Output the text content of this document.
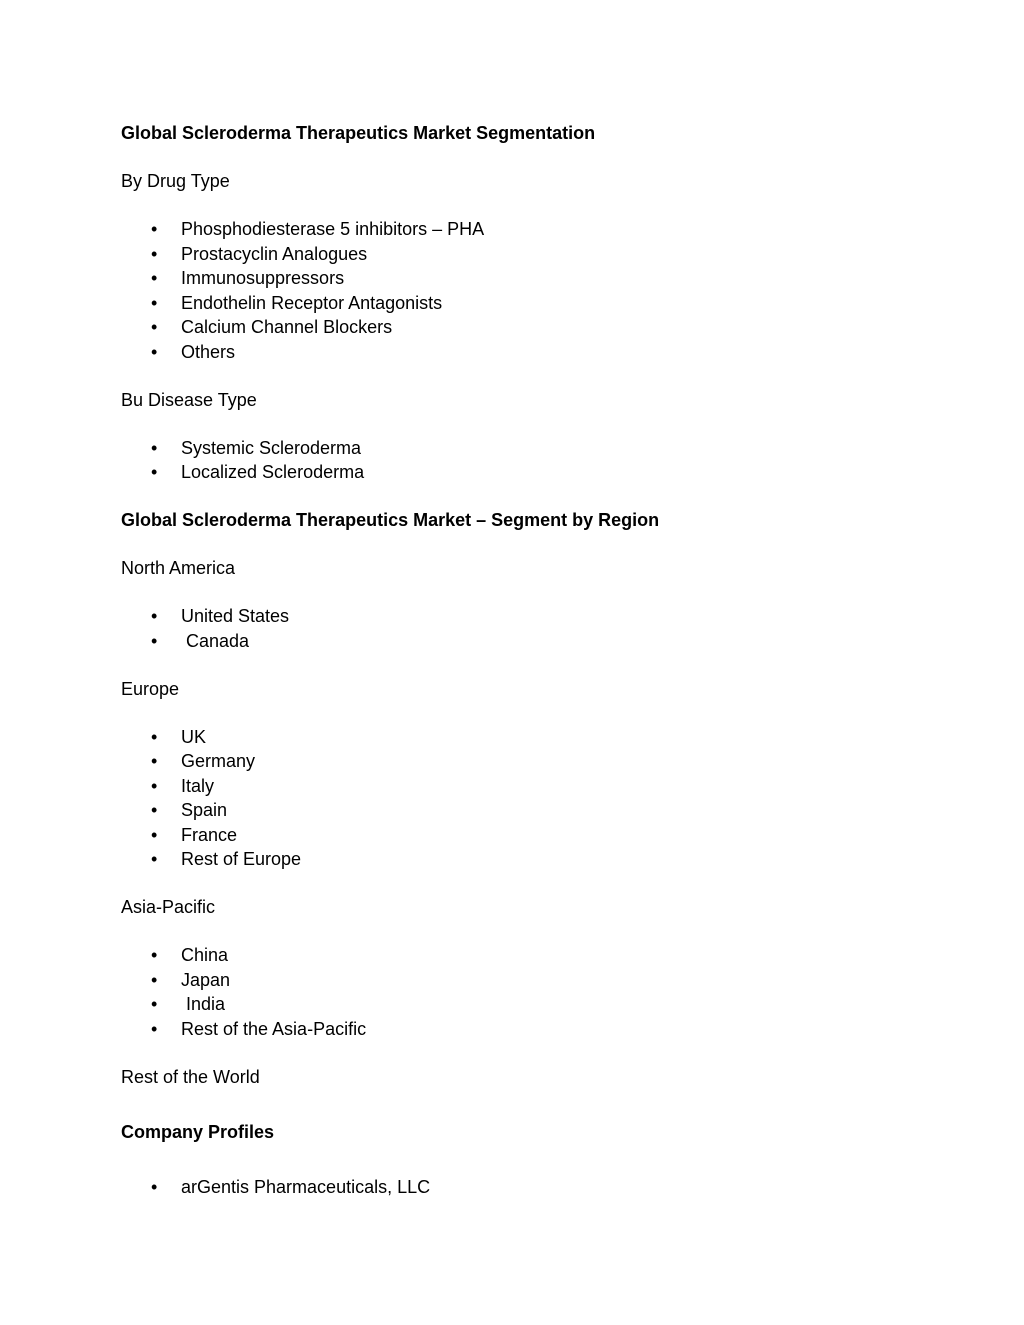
Global Scleroderma Therapeutics Market Segmentation
By Drug Type
• Phosphodiesterase 5 inhibitors – PHA
• Prostacyclin Analogues
• Immunosuppressors
• Endothelin Receptor Antagonists
• Calcium Channel Blockers
• Others
Bu Disease Type
• Systemic Scleroderma
• Localized Scleroderma
Global Scleroderma Therapeutics Market – Segment by Region
North America
• United States
• Canada
Europe
• UK
• Germany
• Italy
• Spain
• France
• Rest of Europe
Asia-Pacific
• China
• Japan
• India
• Rest of the Asia-Pacific
Rest of the World
Company Profiles
• arGentis Pharmaceuticals, LLC
